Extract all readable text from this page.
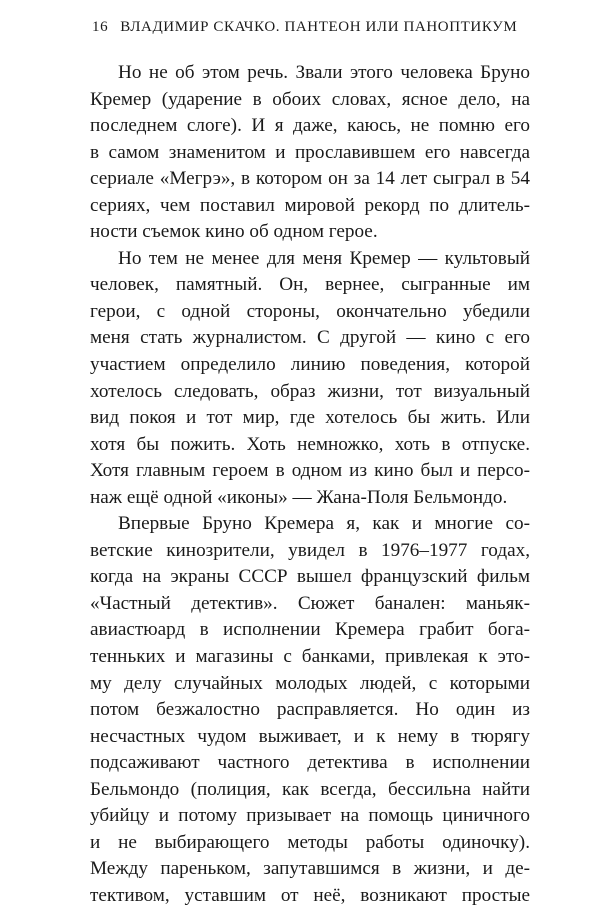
16 ВЛАДИМИР СКАЧКО. ПАНТЕОН ИЛИ ПАНОПТИКУМ
Но не об этом речь. Звали этого человека Бруно
Кремер (ударение в обоих словах, ясное дело, на
последнем слоге). И я даже, каюсь, не помню его
в самом знаменитом и прославившем его навсегда
сериале «Мегрэ», в котором он за 14 лет сыграл в 54
сериях, чем поставил мировой рекорд по длитель-
ности съемок кино об одном герое.
Но тем не менее для меня Кремер — культовый
человек, памятный. Он, вернее, сыгранные им
герои, с одной стороны, окончательно убедили
меня стать журналистом. С другой — кино с его
участием определило линию поведения, которой
хотелось следовать, образ жизни, тот визуальный
вид покоя и тот мир, где хотелось бы жить. Или
хотя бы пожить. Хоть немножко, хоть в отпуске.
Хотя главным героем в одном из кино был и персо-
наж ещё одной «иконы» — Жана-Поля Бельмондо.
Впервые Бруно Кремера я, как и многие со-
ветские кинозрители, увидел в 1976–1977 годах,
когда на экраны СССР вышел французский фильм
«Частный детектив». Сюжет банален: маньяк-
авиастюард в исполнении Кремера грабит бога-
тенньких и магазины с банками, привлекая к это-
му делу случайных молодых людей, с которыми
потом безжалостно расправляется. Но один из
несчастных чудом выживает, и к нему в тюрягу
подсаживают частного детектива в исполнении
Бельмондо (полиция, как всегда, бессильна найти
убийцу и потому призывает на помощь циничного
и не выбирающего методы работы одиночку).
Между пареньком, запутавшимся в жизни, и де-
тективом, уставшим от неё, возникают простые
